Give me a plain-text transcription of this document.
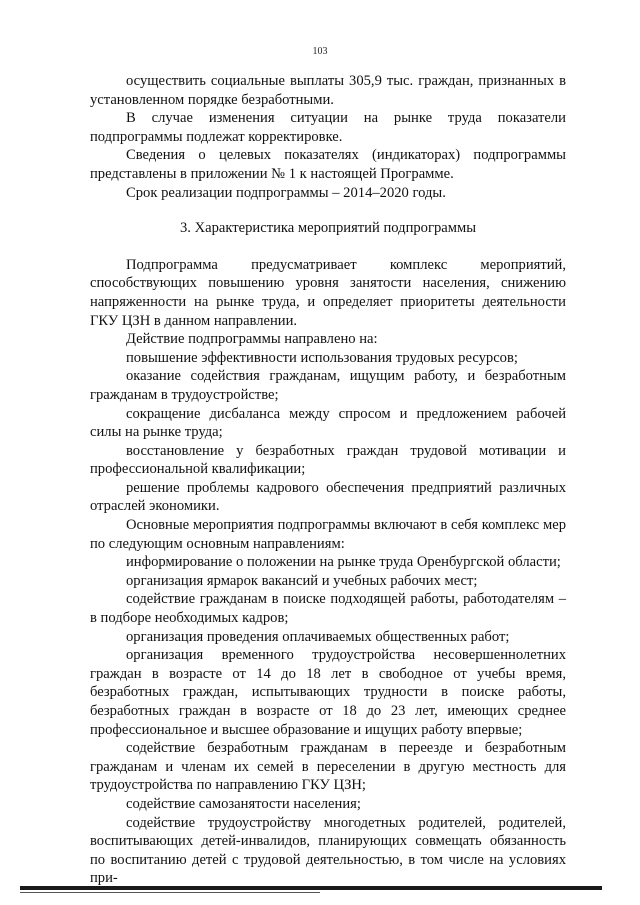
103

осуществить социальные выплаты 305,9 тыс. граждан, признанных в установленном порядке безработными.

В случае изменения ситуации на рынке труда показатели подпрограммы подлежат корректировке.

Сведения о целевых показателях (индикаторах) подпрограммы представлены в приложении № 1 к настоящей Программе.

Срок реализации подпрограммы – 2014–2020 годы.

3. Характеристика мероприятий подпрограммы

Подпрограмма предусматривает комплекс мероприятий, способствующих повышению уровня занятости населения, снижению напряженности на рынке труда, и определяет приоритеты деятельности ГКУ ЦЗН в данном направлении.

Действие подпрограммы направлено на:

повышение эффективности использования трудовых ресурсов;

оказание содействия гражданам, ищущим работу, и безработным гражданам в трудоустройстве;

сокращение дисбаланса между спросом и предложением рабочей силы на рынке труда;

восстановление у безработных граждан трудовой мотивации и профессиональной квалификации;

решение проблемы кадрового обеспечения предприятий различных отраслей экономики.

Основные мероприятия подпрограммы включают в себя комплекс мер по следующим основным направлениям:

информирование о положении на рынке труда Оренбургской области;

организация ярмарок вакансий и учебных рабочих мест;

содействие гражданам в поиске подходящей работы, работодателям – в подборе необходимых кадров;

организация проведения оплачиваемых общественных работ;

организация временного трудоустройства несовершеннолетних граждан в возрасте от 14 до 18 лет в свободное от учебы время, безработных граждан, испытывающих трудности в поиске работы, безработных граждан в возрасте от 18 до 23 лет, имеющих среднее профессиональное и высшее образование и ищущих работу впервые;

содействие безработным гражданам в переезде и безработным гражданам и членам их семей в переселении в другую местность для трудоустройства по направлению ГКУ ЦЗН;

содействие самозанятости населения;

содействие трудоустройству многодетных родителей, родителей, воспитывающих детей-инвалидов, планирующих совмещать обязанность по воспитанию детей с трудовой деятельностью, в том числе на условиях при-
